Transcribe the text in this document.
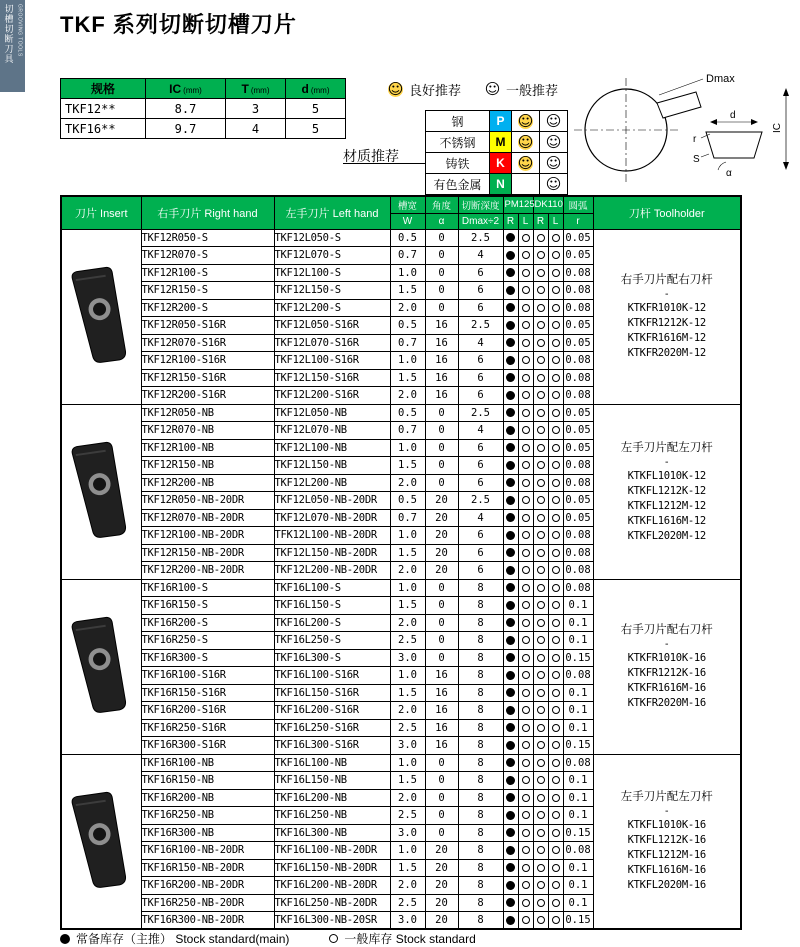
切槽切断刀具 GROOVING TOOLS TKF 系列切断切槽刀片
规格	IC (mm)	T (mm)	d (mm)
TKF12**	8.7	3	5
TKF16**	9.7	4	5
☺ 良好推荐 ☺ 一般推荐
材质推荐
钢	P	☺	☺
不锈钢	M	☺	☺
铸铁	K	☺	☺
有色金属	N		☺
Dmax
IC
d
r
S
α
刀片 Insert	右手刀片 Right hand	左手刀片 Left hand	槽宽	角度	切断深度	PM125		DK110		圆弧	刀杆 Toolholder
			W	α	Dmax÷2	R	L	R	L	r	
	TKF12R050-S	TKF12L050-S	0.5	0	2.5					0.05	
右手刀片配右刀杆
-
KTKFR1010K-12
KTKFR1212K-12
KTKFR1616M-12
KTKFR2020M-12

	TKF12R070-S	TKF12L070-S	0.7	0	4					0.05	
	TKF12R100-S	TKF12L100-S	1.0	0	6					0.08	
	TKF12R150-S	TKF12L150-S	1.5	0	6					0.08	
	TKF12R200-S	TKF12L200-S	2.0	0	6					0.08	
	TKF12R050-S16R	TKF12L050-S16R	0.5	16	2.5					0.05	
	TKF12R070-S16R	TKF12L070-S16R	0.7	16	4					0.05	
	TKF12R100-S16R	TKF12L100-S16R	1.0	16	6					0.08	
	TKF12R150-S16R	TKF12L150-S16R	1.5	16	6					0.08	
	TKF12R200-S16R	TKF12L200-S16R	2.0	16	6					0.08	
	TKF12R050-NB	TKF12L050-NB	0.5	0	2.5					0.05	
左手刀片配左刀杆
-
KTKFL1010K-12
KTKFL1212K-12
KTKFL1212M-12
KTKFL1616M-12
KTKFL2020M-12

	TKF12R070-NB	TKF12L070-NB	0.7	0	4					0.05	
	TKF12R100-NB	TKF12L100-NB	1.0	0	6					0.05	
	TKF12R150-NB	TKF12L150-NB	1.5	0	6					0.08	
	TKF12R200-NB	TKF12L200-NB	2.0	0	6					0.08	
	TKF12R050-NB-20DR	TKF12L050-NB-20DR	0.5	20	2.5					0.05	
	TKF12R070-NB-20DR	TKF12L070-NB-20DR	0.7	20	4					0.05	
	TKF12R100-NB-20DR	TFK12L100-NB-20DR	1.0	20	6					0.08	
	TKF12R150-NB-20DR	TKF12L150-NB-20DR	1.5	20	6					0.08	
	TKF12R200-NB-20DR	TKF12L200-NB-20DR	2.0	20	6					0.08	
	TKF16R100-S	TKF16L100-S	1.0	0	8					0.08	
右手刀片配右刀杆
-
KTKFR1010K-16
KTKFR1212K-16
KTKFR1616M-16
KTKFR2020M-16

	TKF16R150-S	TKF16L150-S	1.5	0	8					0.1	
	TKF16R200-S	TKF16L200-S	2.0	0	8					0.1	
	TKF16R250-S	TKF16L250-S	2.5	0	8					0.1	
	TKF16R300-S	TKF16L300-S	3.0	0	8					0.15	
	TKF16R100-S16R	TKF16L100-S16R	1.0	16	8					0.08	
	TKF16R150-S16R	TKF16L150-S16R	1.5	16	8					0.1	
	TKF16R200-S16R	TKF16L200-S16R	2.0	16	8					0.1	
	TKF16R250-S16R	TKF16L250-S16R	2.5	16	8					0.1	
	TKF16R300-S16R	TKF16L300-S16R	3.0	16	8					0.15	
	TKF16R100-NB	TKF16L100-NB	1.0	0	8					0.08	
左手刀片配左刀杆
-
KTKFL1010K-16
KTKFL1212K-16
KTKFL1212M-16
KTKFL1616M-16
KTKFL2020M-16

	TKF16R150-NB	TKF16L150-NB	1.5	0	8					0.1	
	TKF16R200-NB	TKF16L200-NB	2.0	0	8					0.1	
	TKF16R250-NB	TKF16L250-NB	2.5	0	8					0.1	
	TKF16R300-NB	TKF16L300-NB	3.0	0	8					0.15	
	TKF16R100-NB-20DR	TKF16L100-NB-20DR	1.0	20	8					0.08	
	TKF16R150-NB-20DR	TKF16L150-NB-20DR	1.5	20	8					0.1	
	TKF16R200-NB-20DR	TKF16L200-NB-20DR	2.0	20	8					0.1	
	TKF16R250-NB-20DR	TKF16L250-NB-20DR	2.5	20	8					0.1	
	TKF16R300-NB-20DR	TKF16L300-NB-20SR	3.0	20	8					0.15	
常备库存（主推） Stock standard(main)	一般库存 Stock standard
